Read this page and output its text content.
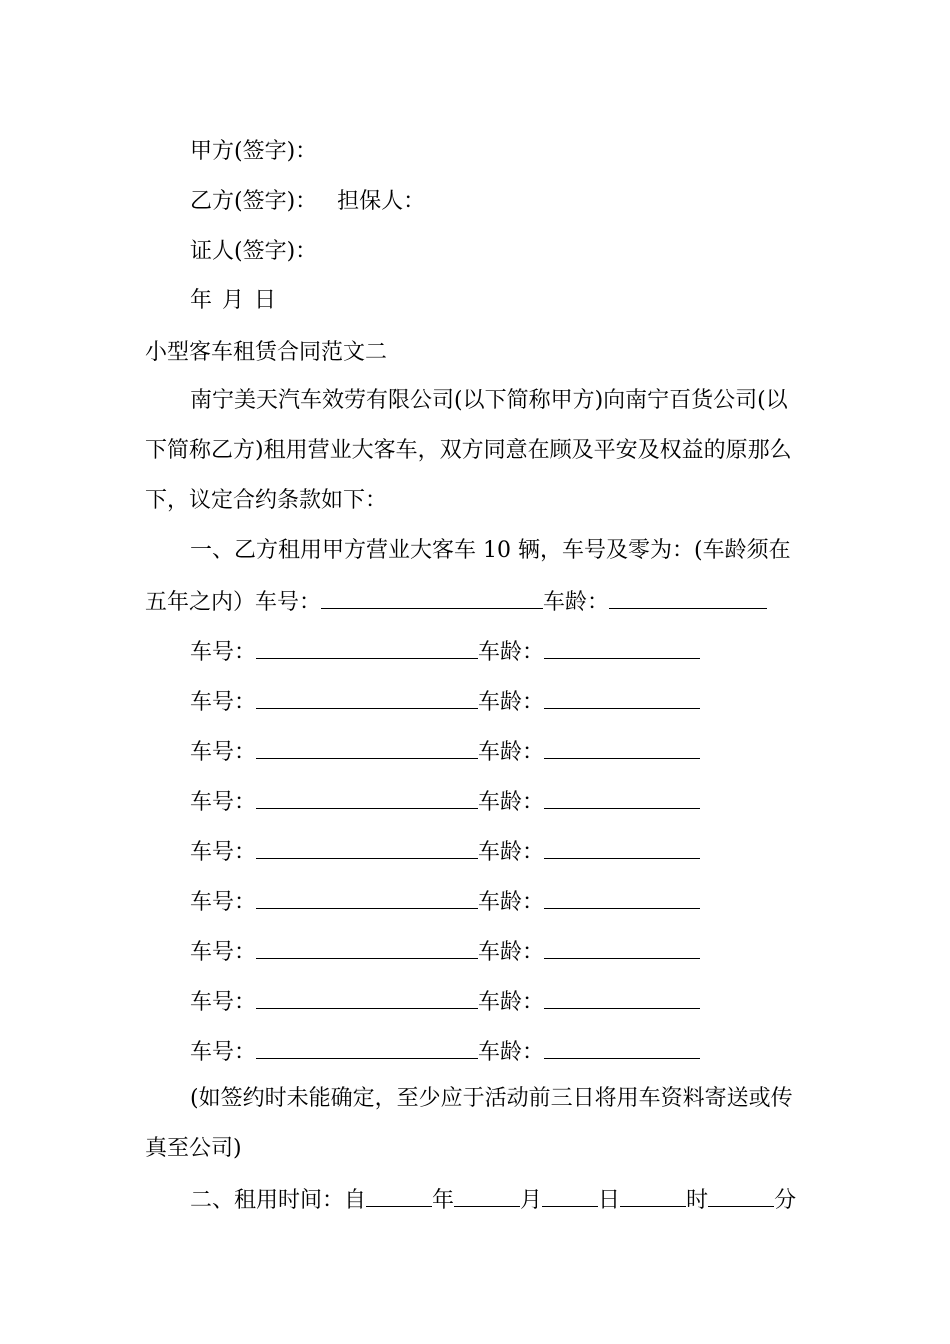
甲方(签字)：
乙方(签字)： 担保人：
证人(签字)：
年 月 日
小型客车租赁合同范文二
南宁美天汽车效劳有限公司(以下简称甲方)向南宁百货公司(以
下简称乙方)租用营业大客车，双方同意在顾及平安及权益的原那么
下，议定合约条款如下：
一、乙方租用甲方营业大客车 10 辆，车号及零为：(车龄须在
五年之内）车号：	车龄：
车号：	车龄：
车号：	车龄：
车号：	车龄：
车号：	车龄：
车号：	车龄：
车号：	车龄：
车号：	车龄：
车号：	车龄：
车号：	车龄：
(如签约时未能确定，至少应于活动前三日将用车资料寄送或传
真至公司)
二、租用时间：自	年	月	日	时	分
